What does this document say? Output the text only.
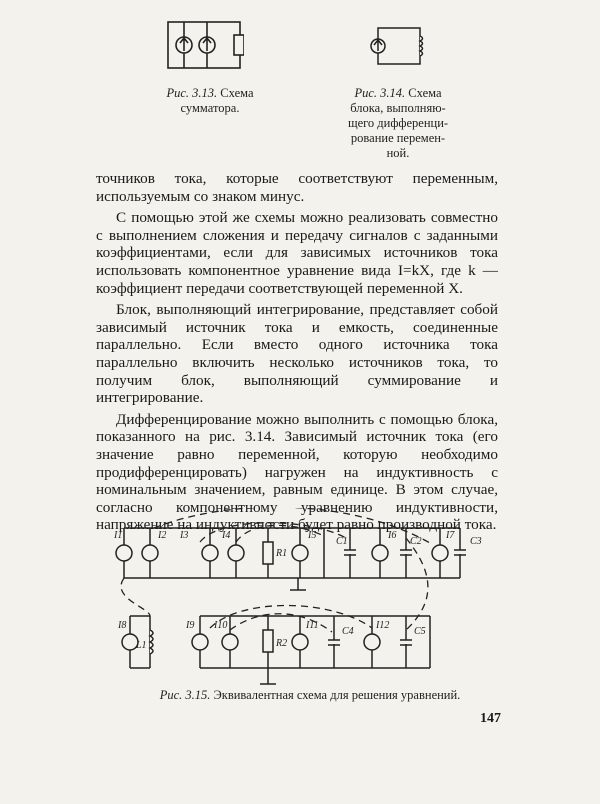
Рис. 3.13. Схема
сумматора.
Рис. 3.14. Схема
блока, выполняю-
щего дифференци-
рование перемен-
ной.

точников тока, которые соответствуют переменным, используемым со знаком минус.

С помощью этой же схемы можно реализовать совместно с выполнением сложения и передачу сигналов с заданными коэффициентами, если для зависимых источников тока использовать компонентное уравнение вида I=kX, где k — коэффициент передачи соответствующей переменной X.

Блок, выполняющий интегрирование, представляет собой зависимый источник тока и емкость, соединенные параллельно. Если вместо одного источника тока параллельно включить несколько источников тока, то получим блок, выполняющий суммирование и интегрирование.

Дифференцирование можно выполнить с помощью блока, показанного на рис. 3.14. Зависимый источник тока (его значение равно переменной, которую необходимо продифференцировать) нагружен на индуктивность с номинальным значением, равным единице. В этом случае, согласно компонентному уравнению индуктивности, напряжение на индуктивности будет равно производной тока.

I1	I2 I3	I4
R1
I5
C1
I6
C2
I7
C3
I8
L1
I9 I10
R2
I11
C4
I12
C5
Рис. 3.15. Эквивалентная схема для решения уравнений.
147
